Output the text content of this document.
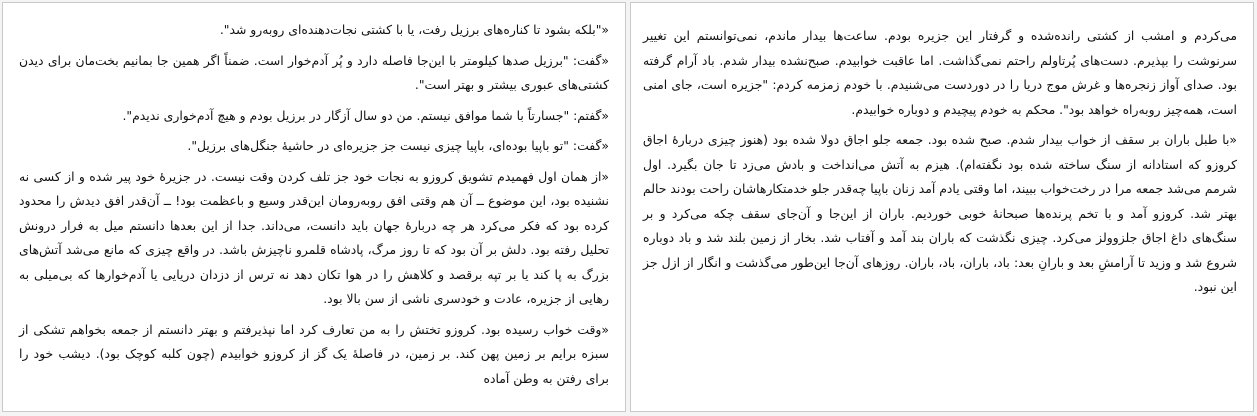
«"بلکه بشود تا کناره‌های برزیل رفت، یا با کشتی نجات‌دهنده‌ای روبه‌رو شد".

«گفت: "برزیل صدها کیلومتر با این‌جا فاصله دارد و پُر آدم‌خوار است. ضمناً اگر همین جا بمانیم بخت‌مان برای دیدن کشتی‌های عبوری بیشتر و بهتر است".

«گفتم: "جسارتاً با شما موافق نیستم. من دو سال آزگار در برزیل بودم و هیچ آدم‌خواری ندیدم".

«گفت: "تو باپیا بوده‌ای، باپیا چیزی نیست جز جزیره‌ای در حاشیهٔ جنگل‌های برزیل".

«از همان اول فهمیدم تشویق کروزو به نجات خود جز تلف کردن وقت نیست. در جزیرهٔ خود پیر شده و از کسی نه نشنیده بود، این موضوع ــ آن هم وقتی افق روبه‌رومان این‌قدر وسیع و باعظمت بود! ــ آن‌قدر افق دیدش را محدود کرده بود که فکر می‌کرد هر چه دربارهٔ جهان باید دانست، می‌داند. جدا از این بعدها دانستم میل به فرار درونش تحلیل رفته بود. دلش بر آن بود که تا روز مرگ، پادشاه قلمرو ناچیزش باشد. در واقع چیزی که مانع می‌شد آتش‌های بزرگ به پا کند یا بر تپه برقصد و کلاهش را در هوا تکان دهد نه ترس از دزدان دریایی یا آدم‌خوارها که بی‌میلی به رهایی از جزیره، عادت و خودسری ناشی از سن بالا بود.

«وقت خواب رسیده بود. کروزو تختش را به من تعارف کرد اما نپذیرفتم و بهتر دانستم از جمعه بخواهم تشکی از سبزه برایم بر زمین پهن کند. بر زمین، در فاصلهٔ یک گز از کروزو خوابیدم (چون کلبه کوچک بود). دیشب خود را برای رفتن به وطن آماده

می‌کردم و امشب از کشتی رانده‌شده و گرفتار این جزیره بودم. ساعت‌ها بیدار ماندم، نمی‌توانستم این تغییر سرنوشت را بپذیرم. دست‌های پُرتاولم راحتم نمی‌گذاشت. اما عاقبت خوابیدم. صبح‌نشده بیدار شدم. باد آرام گرفته بود. صدای آواز زنجره‌ها و غرش موج دریا را در دوردست می‌شنیدم. با خودم زمزمه کردم: "جزیره است، جای امنی است، همه‌چیز روبه‌راه خواهد بود". محکم به خودم پیچیدم و دوباره خوابیدم.

«با طبل باران بر سقف از خواب بیدار شدم. صبح شده بود. جمعه جلو اجاق دولا شده بود (هنوز چیزی دربارهٔ اجاق کروزو که استادانه از سنگ ساخته شده بود نگفته‌ام). هیزم به آتش می‌انداخت و بادش می‌زد تا جان بگیرد. اول شرمم می‌شد جمعه مرا در رخت‌خواب ببیند، اما وقتی یادم آمد زنان باپیا چه‌قدر جلو خدمتکارهاشان راحت بودند حالم بهتر شد. کروزو آمد و با تخم پرنده‌ها صبحانهٔ خوبی خوردیم. باران از این‌جا و آن‌جای سقف چکه می‌کرد و بر سنگ‌های داغ اجاق جلزوولز می‌کرد. چیزی نگذشت که باران بند آمد و آفتاب شد. بخار از زمین بلند شد و باد دوباره شروع شد و وزید تا آرامشِ بعد و بارانِ بعد: باد، باران، باد، باران. روزهای آن‌جا این‌طور می‌گذشت و انگار از ازل جز این نبود.
